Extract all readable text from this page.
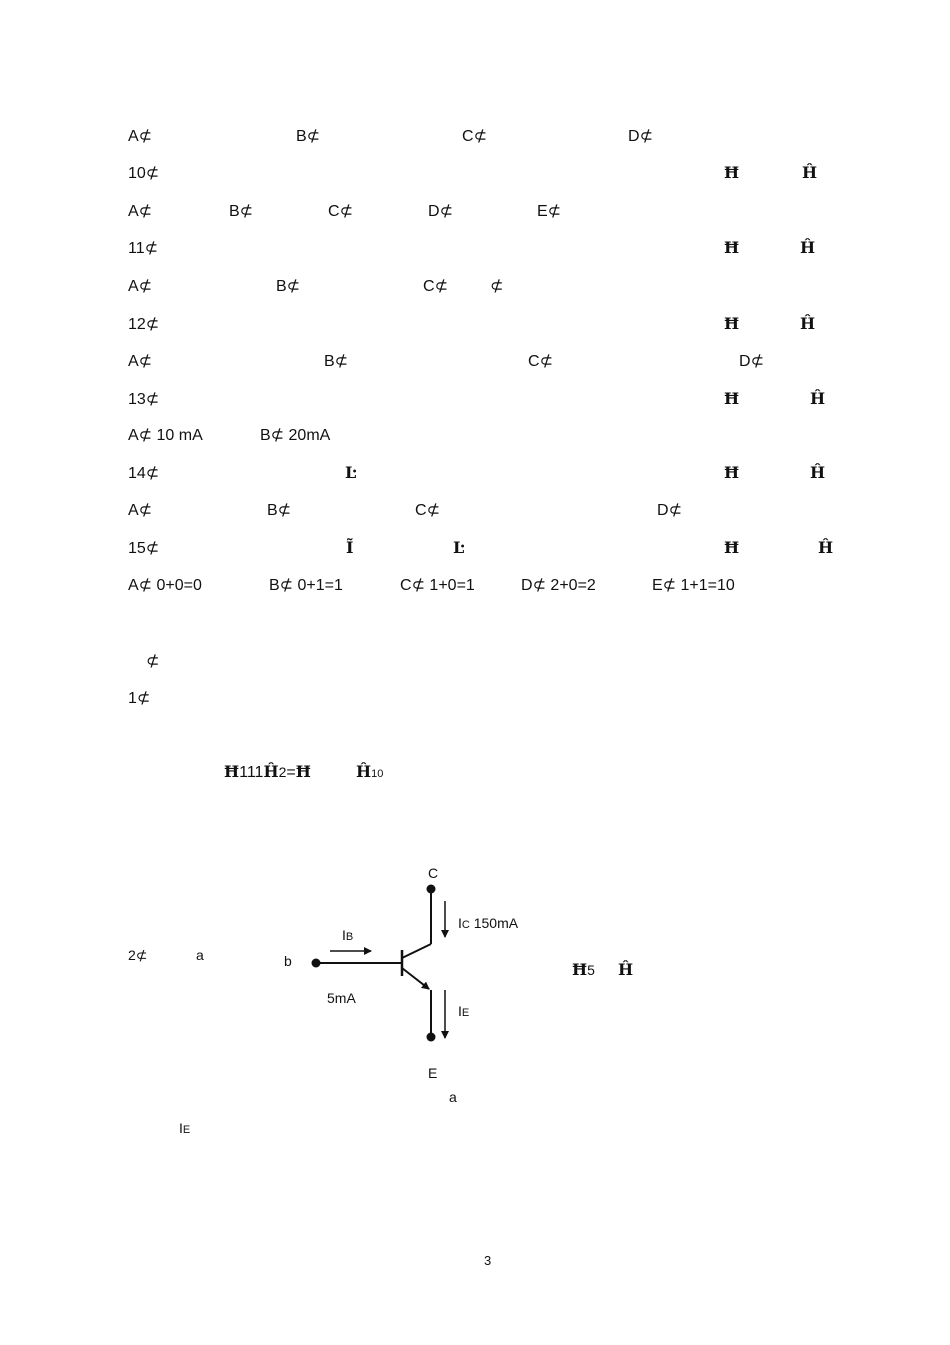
A⊄	B⊄	C⊄	D⊄
10⊄	Ħ	Ĥ
A⊄	B⊄	C⊄	D⊄	E⊄
11⊄	Ħ	Ĥ
A⊄	B⊄	C⊄	⊄
12⊄	Ħ	Ĥ
A⊄	B⊄	C⊄	D⊄
13⊄	Ħ	Ĥ
A⊄ 10 mA	B⊄ 20mA
14⊄	Ŀ	Ħ	Ĥ
A⊄	B⊄	C⊄	D⊄
15⊄	Ĩ	Ŀ	Ħ	Ĥ
A⊄ 0+0=0	B⊄ 0+1=1	C⊄ 1+0=1	D⊄ 2+0=2	E⊄ 1+1=10
⊄
1⊄
Ħ111Ĥ2=Ħ	Ĥ10
2⊄	a
Ħ5 Ĥ
C
b
E
IB
IC 150mA
IE
5mA
a
IE
3
